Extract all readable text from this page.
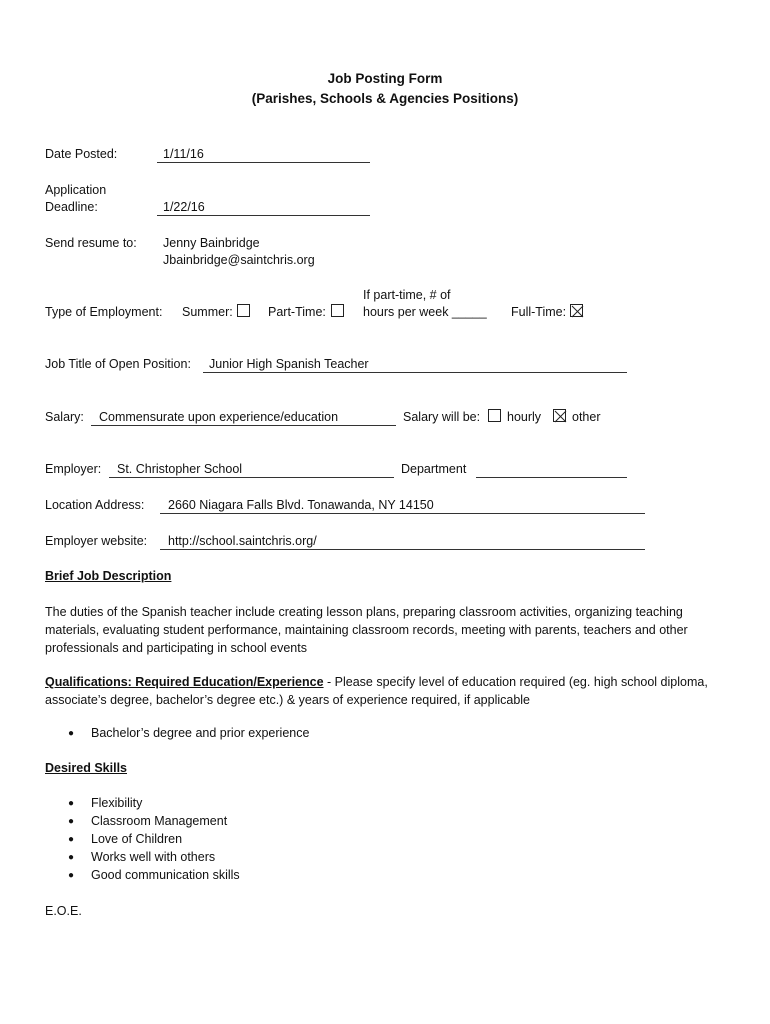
Job Posting Form
(Parishes, Schools & Agencies Positions)
Date Posted:	1/11/16
Application
Deadline:	1/22/16
Send resume to: Jenny Bainbridge
Jbainbridge@saintchris.org
If part-time, # of
Type of Employment: Summer:	Part-Time:	hours per week _____ Full-Time:
Job Title of Open Position: Junior High Spanish Teacher
Salary: Commensurate upon experience/education	Salary will be: hourly other
Employer: St. Christopher School	Department
Location Address: 2660 Niagara Falls Blvd. Tonawanda, NY 14150
Employer website: http://school.saintchris.org/
Brief Job Description
The duties of the Spanish teacher include creating lesson plans, preparing classroom activities, organizing teaching materials, evaluating student performance, maintaining classroom records, meeting with parents, teachers and other professionals and participating in school events
Qualifications: Required Education/Experience - Please specify level of education required (eg. high school diploma, associate’s degree, bachelor’s degree etc.) & years of experience required, if applicable
● Bachelor’s degree and prior experience
Desired Skills
● Flexibility
● Classroom Management
● Love of Children
● Works well with others
● Good communication skills
E.O.E.
